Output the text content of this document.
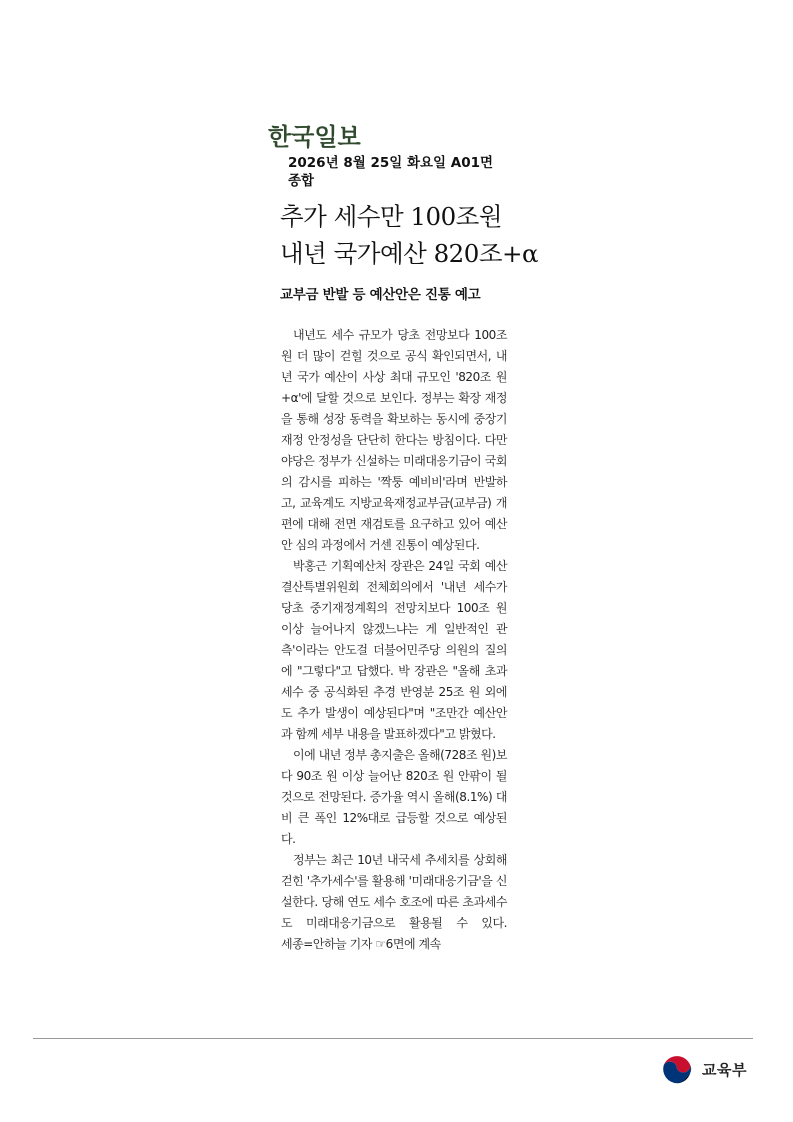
한국일보
2026년 8월 25일 화요일 A01면
종합
추가 세수만 100조원
내년 국가예산 820조+α
교부금 반발 등 예산안은 진통 예고

내년도 세수 규모가 당초 전망보다 100조 원 더 많이 걷힐 것으로 공식 확인되면서, 내년 국가 예산이 사상 최대 규모인 '820조 원+α'에 달할 것으로 보인다. 정부는 확장 재정을 통해 성장 동력을 확보하는 동시에 중장기 재정 안정성을 단단히 한다는 방침이다. 다만 야당은 정부가 신설하는 미래대응기금이 국회의 감시를 피하는 '짝퉁 예비비'라며 반발하고, 교육계도 지방교육재정교부금(교부금) 개편에 대해 전면 재검토를 요구하고 있어 예산안 심의 과정에서 거센 진통이 예상된다.

박홍근 기획예산처 장관은 24일 국회 예산결산특별위원회 전체회의에서 '내년 세수가 당초 중기재정계획의 전망치보다 100조 원 이상 늘어나지 않겠느냐는 게 일반적인 관측'이라는 안도걸 더불어민주당 의원의 질의에 "그렇다"고 답했다. 박 장관은 "올해 초과세수 중 공식화된 추경 반영분 25조 원 외에도 추가 발생이 예상된다"며 "조만간 예산안과 함께 세부 내용을 발표하겠다"고 밝혔다.

이에 내년 정부 총지출은 올해(728조 원)보다 90조 원 이상 늘어난 820조 원 안팎이 될 것으로 전망된다. 증가율 역시 올해(8.1%) 대비 큰 폭인 12%대로 급등할 것으로 예상된다.

정부는 최근 10년 내국세 추세치를 상회해 걷힌 '추가세수'를 활용해 '미래대응기금'을 신설한다. 당해 연도 세수 호조에 따른 초과세수도 미래대응기금으로 활용될 수 있다. 세종=안하늘 기자 ☞6면에 계속

교육부
